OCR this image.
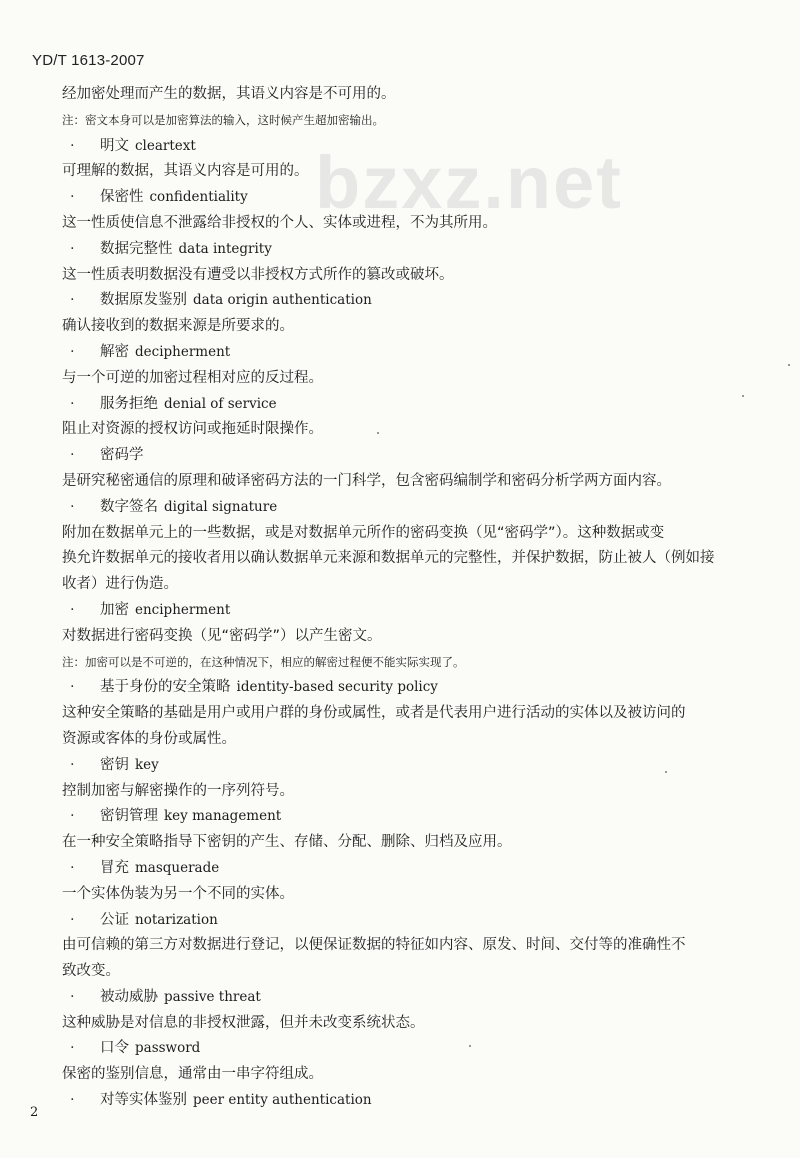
YD/T 1613-2007
bzxz.net
经加密处理而产生的数据，其语义内容是不可用的。
注：密文本身可以是加密算法的输入，这时候产生超加密输出。
· 明文 cleartext
可理解的数据，其语义内容是可用的。
· 保密性 confidentiality
这一性质使信息不泄露给非授权的个人、实体或进程，不为其所用。
· 数据完整性 data integrity
这一性质表明数据没有遭受以非授权方式所作的篡改或破坏。
· 数据原发鉴别 data origin authentication
确认接收到的数据来源是所要求的。
· 解密 decipherment
与一个可逆的加密过程相对应的反过程。
· 服务拒绝 denial of service
阻止对资源的授权访问或拖延时限操作。
· 密码学
是研究秘密通信的原理和破译密码方法的一门科学，包含密码编制学和密码分析学两方面内容。
· 数字签名 digital signature
附加在数据单元上的一些数据，或是对数据单元所作的密码变换（见“密码学”）。这种数据或变
换允许数据单元的接收者用以确认数据单元来源和数据单元的完整性，并保护数据，防止被人（例如接
收者）进行伪造。
· 加密 encipherment
对数据进行密码变换（见“密码学”）以产生密文。
注：加密可以是不可逆的，在这种情况下，相应的解密过程便不能实际实现了。
· 基于身份的安全策略 identity-based security policy
这种安全策略的基础是用户或用户群的身份或属性，或者是代表用户进行活动的实体以及被访问的
资源或客体的身份或属性。
· 密钥 key
控制加密与解密操作的一序列符号。
· 密钥管理 key management
在一种安全策略指导下密钥的产生、存储、分配、删除、归档及应用。
· 冒充 masquerade
一个实体伪装为另一个不同的实体。
· 公证 notarization
由可信赖的第三方对数据进行登记，以便保证数据的特征如内容、原发、时间、交付等的准确性不
致改变。
· 被动威胁 passive threat
这种威胁是对信息的非授权泄露，但并未改变系统状态。
· 口令 password
保密的鉴别信息，通常由一串字符组成。
· 对等实体鉴别 peer entity authentication
2
